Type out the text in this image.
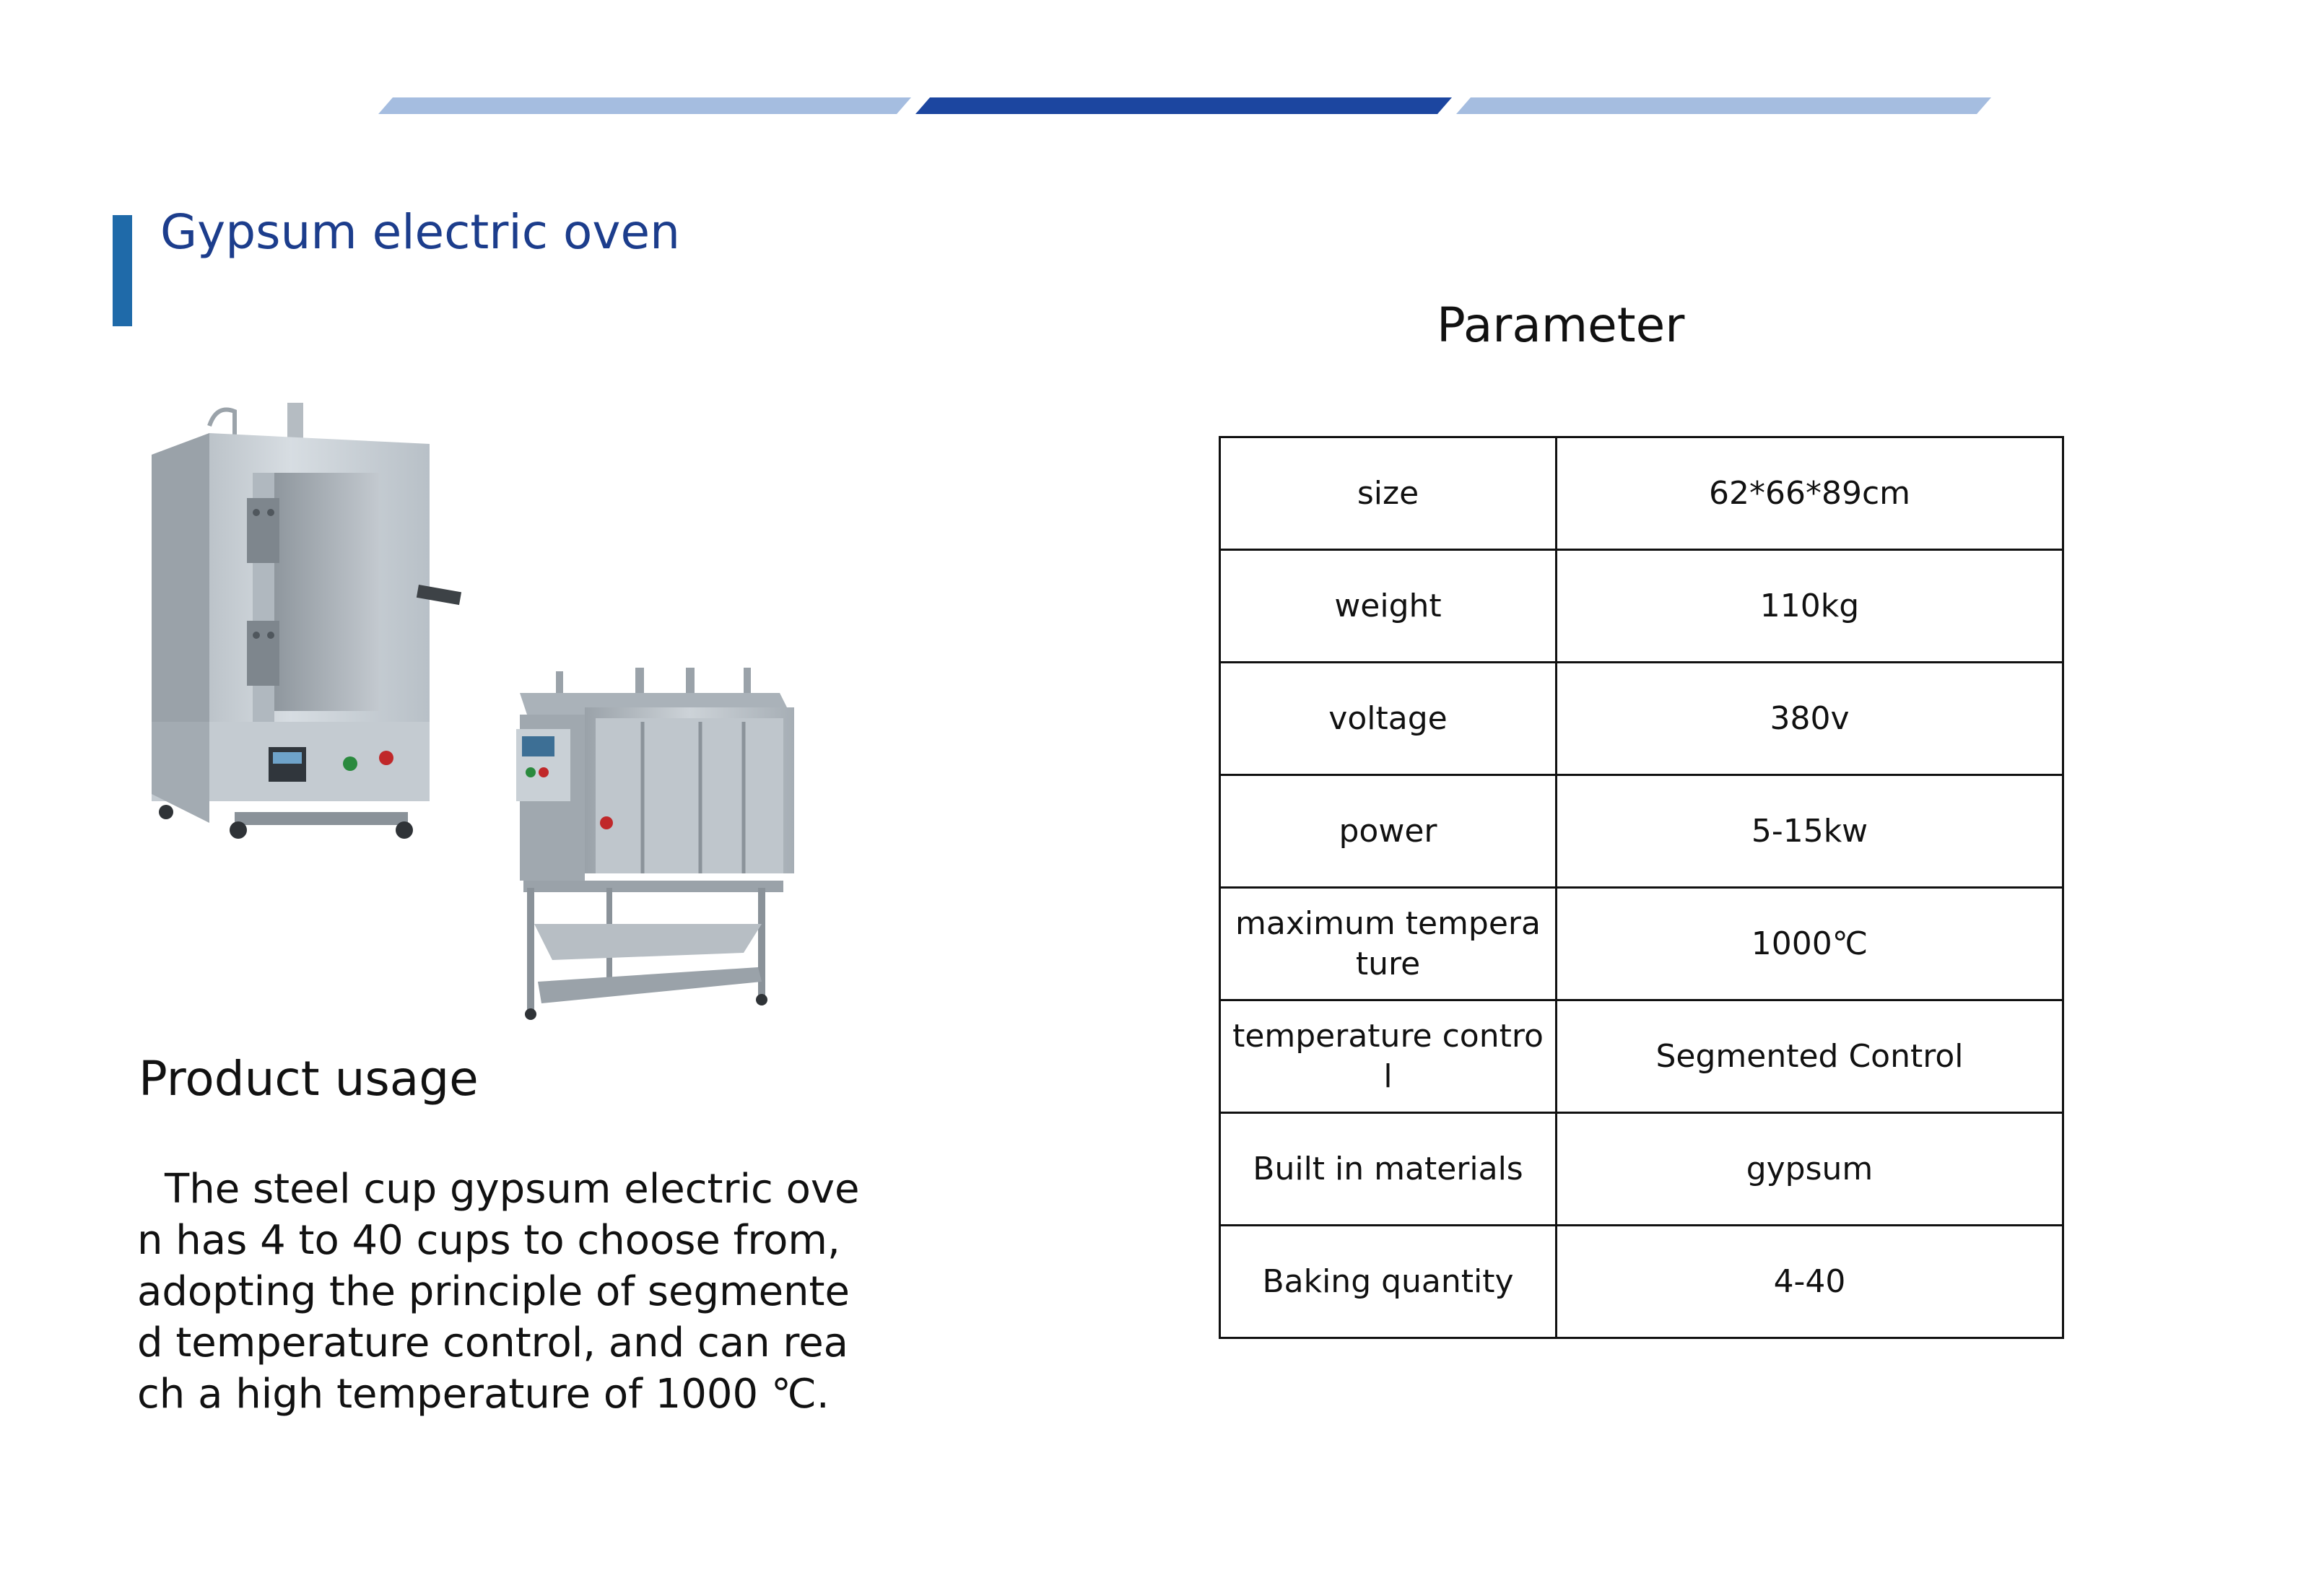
Gypsum electric oven
Product usage

The steel cup gypsum electric oven has 4 to 40 cups to choose from, adopting the principle of segmented temperature control, and can reach a high temperature of 1000 ℃.

Parameter
size	62*66*89cm
weight	110kg
voltage	380v
power	5-15kw
maximum temperature	1000℃
temperature control	Segmented Control
Built in materials	gypsum
Baking quantity	4-40
